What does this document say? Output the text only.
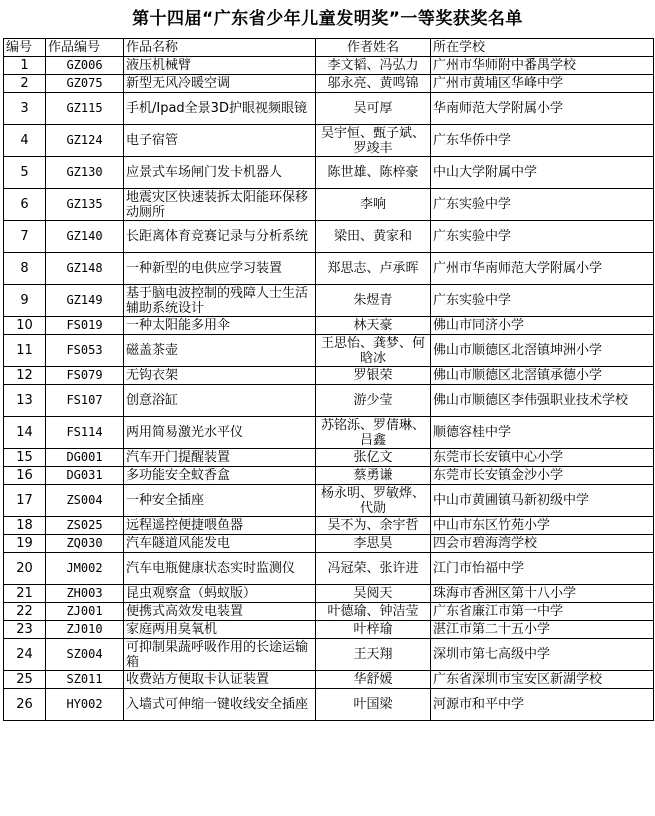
第十四届“广东省少年儿童发明奖”一等奖获奖名单
编号	作品编号	作品名称	作者姓名	所在学校
1	GZ006	液压机械臂	李文韬、冯弘力	广州市华师附中番禺学校
2	GZ075	新型无风冷暖空调	邬永亮、黄鸣锦	广州市黄埔区华峰中学
3	GZ115	手机/Ipad全景3D护眼视频眼镜	吴可厚	华南师范大学附属小学
4	GZ124	电子宿管	吴宇恒、甄子斌、罗竣丰	广东华侨中学
5	GZ130	应景式车场闸门发卡机器人	陈世雄、陈梓豪	中山大学附属中学
6	GZ135	地震灾区快速装拆太阳能环保移动厕所	李响	广东实验中学
7	GZ140	长距离体育竞赛记录与分析系统	梁田、黄家和	广东实验中学
8	GZ148	一种新型的电供应学习装置	郑思志、卢承晖	广州市华南师范大学附属小学
9	GZ149	基于脑电波控制的残障人士生活辅助系统设计	朱煜青	广东实验中学
10	FS019	一种太阳能多用伞	林天豪	佛山市同济小学
11	FS053	磁盖茶壶	王思怡、龚梦、何晗冰	佛山市顺德区北滘镇坤洲小学
12	FS079	无钩衣架	罗银荣	佛山市顺德区北滘镇承德小学
13	FS107	创意浴缸	游少莹	佛山市顺德区李伟强职业技术学校
14	FS114	两用简易激光水平仪	苏铭泺、罗倩琳、吕鑫	顺德容桂中学
15	DG001	汽车开门提醒装置	张亿文	东莞市长安镇中心小学
16	DG031	多功能安全蚊香盒	蔡勇谦	东莞市长安镇金沙小学
17	ZS004	一种安全插座	杨永明、罗敏烨、代勋	中山市黄圃镇马新初级中学
18	ZS025	远程遥控便捷喂鱼器	吴不为、余宇哲	中山市东区竹苑小学
19	ZQ030	汽车隧道风能发电	李思昊	四会市碧海湾学校
20	JM002	汽车电瓶健康状态实时监测仪	冯冠荣、张许进	江门市怡福中学
21	ZH003	昆虫观察盒（蚂蚁版）	吴阅天	珠海市香洲区第十八小学
22	ZJ001	便携式高效发电装置	叶德瑜、钟洁莹	广东省廉江市第一中学
23	ZJ010	家庭两用臭氧机	叶梓瑜	湛江市第二十五小学
24	SZ004	可抑制果蔬呼吸作用的长途运输箱	王天翔	深圳市第七高级中学
25	SZ011	收费站方便取卡认证装置	华舒媛	广东省深圳市宝安区新湖学校
26	HY002	入墙式可伸缩一键收线安全插座	叶国梁	河源市和平中学
